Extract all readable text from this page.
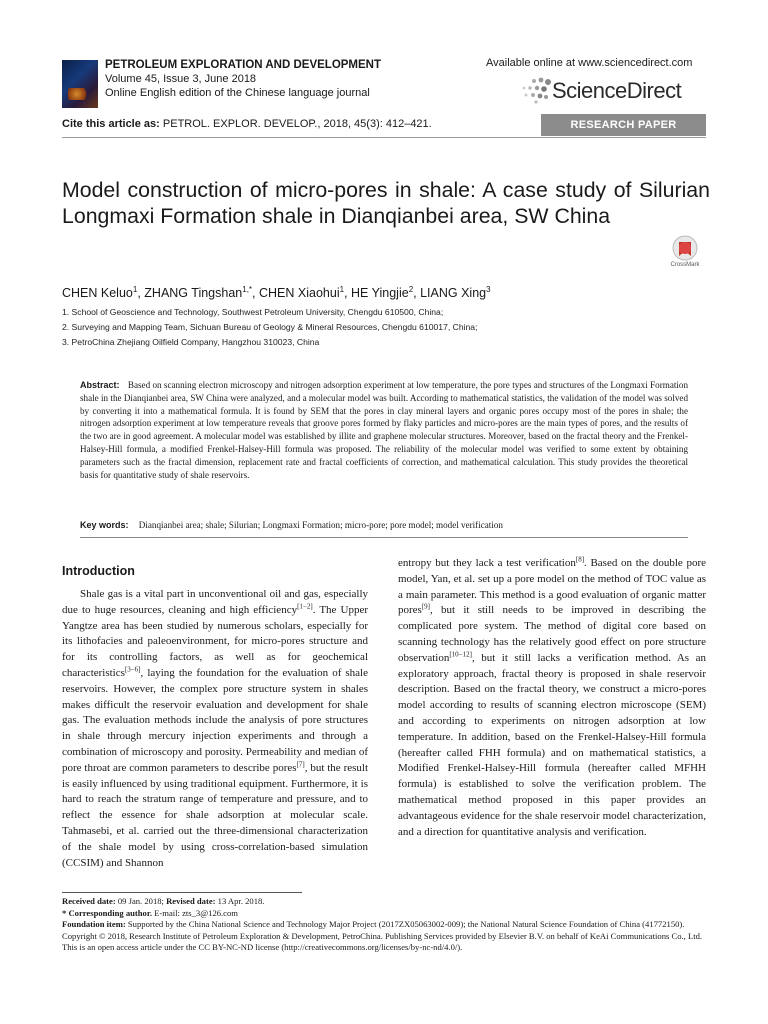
PETROLEUM EXPLORATION AND DEVELOPMENT
Volume 45, Issue 3, June 2018
Online English edition of the Chinese language journal
Available online at www.sciencedirect.com
ScienceDirect
Cite this article as: PETROL. EXPLOR. DEVELOP., 2018, 45(3): 412–421.	RESEARCH PAPER
Model construction of micro-pores in shale: A case study of Silurian Longmaxi Formation shale in Dianqianbei area, SW China
CrossMark
CHEN Keluo$^1$, ZHANG Tingshan$^{1,*}$, CHEN Xiaohui$^1$, HE Yingjie$^2$, LIANG Xing$^3$
1. School of Geoscience and Technology, Southwest Petroleum University, Chengdu 610500, China;
2. Surveying and Mapping Team, Sichuan Bureau of Geology & Mineral Resources, Chengdu 610017, China;
3. PetroChina Zhejiang Oilfield Company, Hangzhou 310023, China
Abstract: Based on scanning electron microscopy and nitrogen adsorption experiment at low temperature, the pore types and structures of the Longmaxi Formation shale in the Dianqianbei area, SW China were analyzed, and a molecular model was built. According to mathematical statistics, the validation of the model was solved by converting it into a mathematical formula. It is found by SEM that the pores in clay mineral layers and organic pores occupy most of the pores in shale; the nitrogen adsorption experiment at low temperature reveals that groove pores formed by flaky particles and micro-pores are the main types of pores, and the results of the two are in good agreement. A molecular model was established by illite and graphene molecular structures. Moreover, based on the fractal theory and the Frenkel-Halsey-Hill formula, a modified Frenkel-Halsey-Hill formula was proposed. The reliability of the molecular model was verified to some extent by obtaining parameters such as the fractal dimension, replacement rate and fractal coefficients of correction, and mathematical calculation. This study provides the theoretical basis for quantitative study of shale reservoirs.
Key words: Dianqianbei area; shale; Silurian; Longmaxi Formation; micro-pore; pore model; model verification
Introduction
Shale gas is a vital part in unconventional oil and gas, especially due to huge resources, cleaning and high efficiency[1−2]. The Upper Yangtze area has been studied by numerous scholars, especially for its lithofacies and paleoenvironment, for micro-pores structure and for its controlling factors, as well as for geochemical characteristics[3−6], laying the foundation for the evaluation of shale reservoirs. However, the complex pore structure system in shales makes difficult the reservoir evaluation and development for shale gas. The evaluation methods include the analysis of pore structures in shale through mercury injection experiments and through a combination of microscopy and porosity. Permeability and median of pore throat are common parameters to describe pores[7], but the result is easily influenced by using traditional equipment. Furthermore, it is hard to reach the stratum range of temperature and pressure, and to reflect the essence for shale adsorption at molecular scale. Tahmasebi, et al. carried out the three-dimensional characterization of the shale model by using cross-correlation-based simulation (CCSIM) and Shannon
entropy but they lack a test verification[8]. Based on the double pore model, Yan, et al. set up a pore model on the method of TOC value as a main parameter. This method is a good evaluation of organic matter pores[9], but it still needs to be improved in describing the complicated pore system. The method of digital core based on scanning technology has the relatively good effect on pore structure observation[10−12], but it still lacks a verification method. As an exploratory approach, fractal theory is proposed in shale reservoir description. Based on the fractal theory, we construct a micro-pores model according to results of scanning electron microscope (SEM) and according to experiments on nitrogen adsorption at low temperature. In addition, based on the Frenkel-Halsey-Hill formula (hereafter called FHH formula) and on mathematical statistics, a Modified Frenkel-Halsey-Hill formula (hereafter called MFHH formula) is established to solve the verification problem. The mathematical method proposed in this paper provides an advantageous evidence for the shale reservoir model characterization, and a direction for quantitative analysis and verification.
Received date: 09 Jan. 2018; Revised date: 13 Apr. 2018.
* Corresponding author. E-mail: zts_3@126.com
Foundation item: Supported by the China National Science and Technology Major Project (2017ZX05063002-009); the National Natural Science Foundation of China (41772150).
Copyright © 2018, Research Institute of Petroleum Exploration & Development, PetroChina. Publishing Services provided by Elsevier B.V. on behalf of KeAi Communications Co., Ltd. This is an open access article under the CC BY-NC-ND license (http://creativecommons.org/licenses/by-nc-nd/4.0/).
